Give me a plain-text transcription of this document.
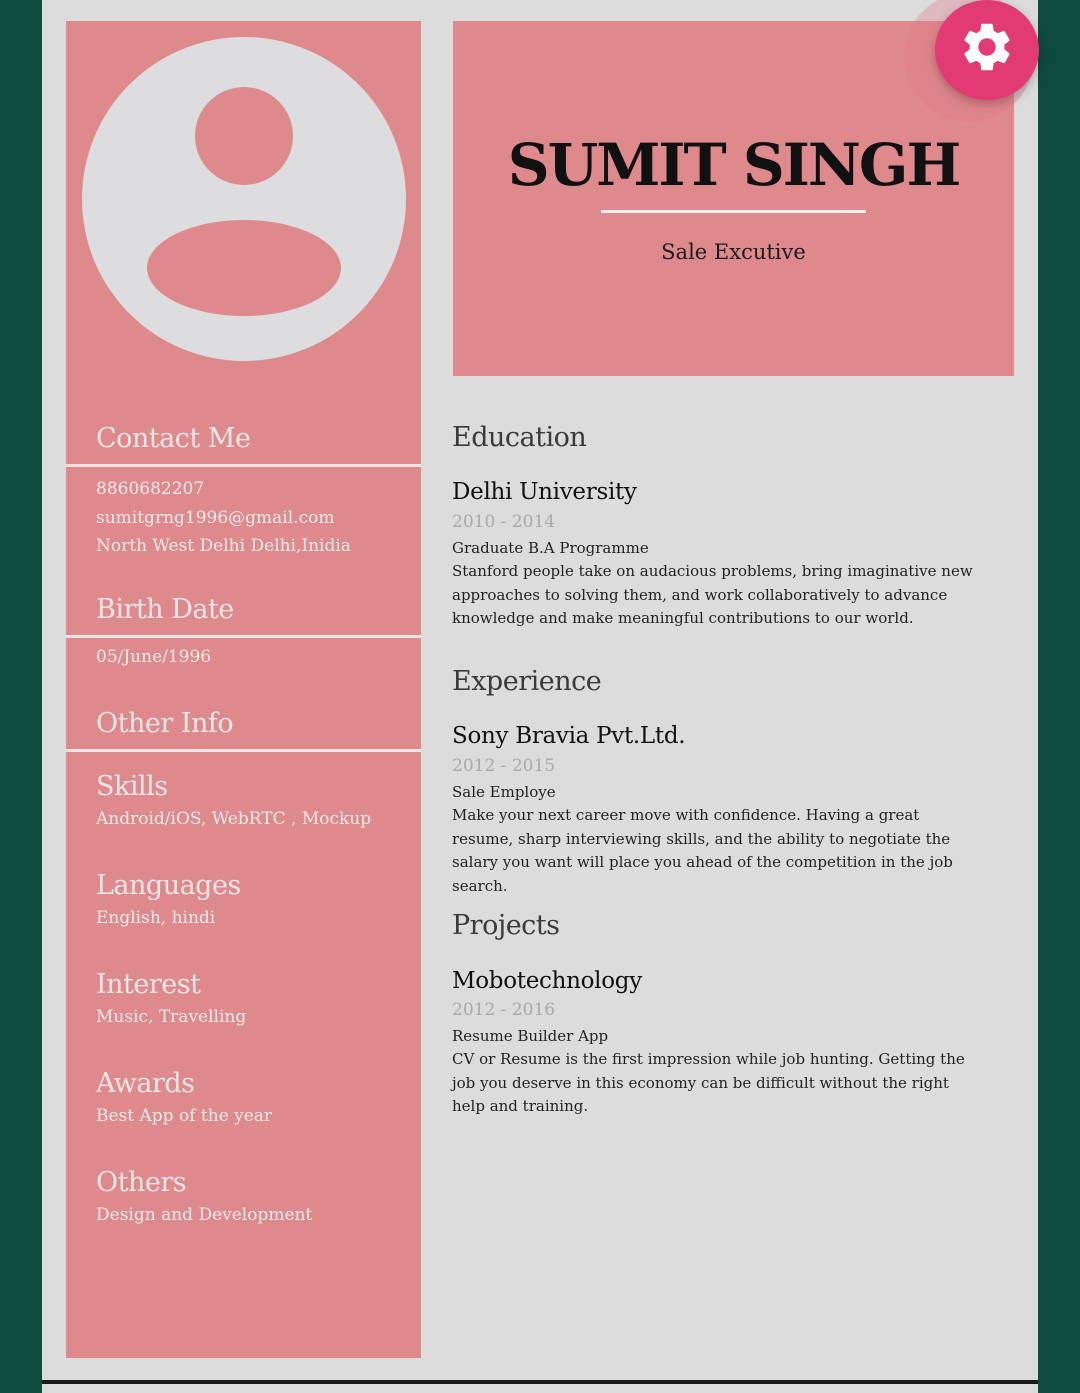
Contact Me
8860682207
sumitgrng1996@gmail.com
North West Delhi Delhi,Inidia
Birth Date
05/June/1996
Other Info
Skills
Android/iOS, WebRTC , Mockup
Languages
English, hindi
Interest
Music, Travelling
Awards
Best App of the year
Others
Design and Development
SUMIT SINGH
Sale Excutive
Education
Delhi University
2010 - 2014
Graduate B.A Programme
Stanford people take on audacious problems, bring imaginative new approaches to solving them, and work collaboratively to advance knowledge and make meaningful contributions to our world.
Experience
Sony Bravia Pvt.Ltd.
2012 - 2015
Sale Employe
Make your next career move with confidence. Having a great resume, sharp interviewing skills, and the ability to negotiate the salary you want will place you ahead of the competition in the job search.
Projects
Mobotechnology
2012 - 2016
Resume Builder App
CV or Resume is the first impression while job hunting. Getting the job you deserve in this economy can be difficult without the right help and training.
